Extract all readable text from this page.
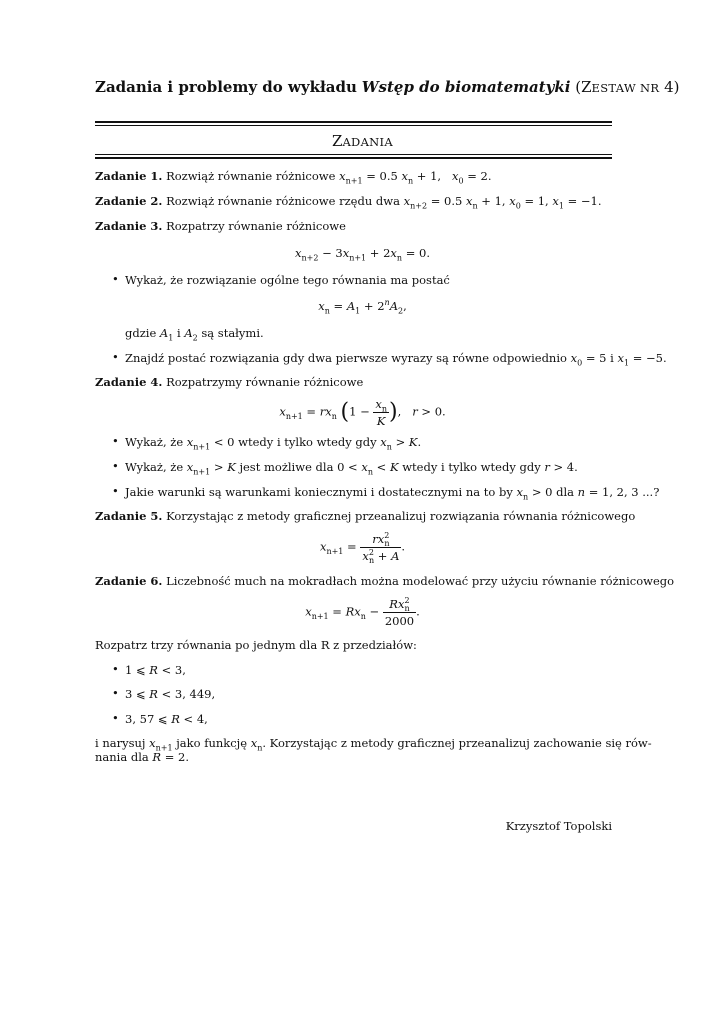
Zadania i problemy do wykładu Wstęp do biomatematyki (ZESTAW NR 4)
ZADANIA
Zadanie 1. Rozwiąż równanie różnicowe $x_{n+1} = 0.5$ $x_n + 1$,   $x_0 = 2$.
Zadanie 2. Rozwiąż równanie różnicowe rzędu dwa $x_{n+2} = 0.5$ $x_n + 1$, $x_0 = 1$, $x_1 = -1$.
Zadanie 3. Rozpatrzy równanie różnicowe
$x_{n+2} - 3x_{n+1} + 2x_n = 0$.
• Wykaż, że rozwiązanie ogólne tego równania ma postać
$x_n = A_1 + 2^nA_2$,
gdzie $A_1$ i $A_2$ są stałymi.
• Znajdź postać rozwiązania gdy dwa pierwsze wyrazy są równe odpowiednio $x_0 = 5$ i $x_1 = -5$.
Zadanie 4. Rozpatrzymy równanie różnicowe
$x_{n+1} = rx_n$ ($1 - \frac{x_n}{K}$ ),   r > 0.
• Wykaż, że $x_{n+1} < 0$ wtedy i tylko wtedy gdy $x_n > K$.
• Wykaż, że $x_{n+1} > K$ jest możliwe dla $0 < x_n < K$ wtedy i tylko wtedy gdy r > 4.
• Jakie warunki są warunkami koniecznymi i dostatecznymi na to by $x_n > 0$ dla n = 1, 2, 3 ...?
Zadanie 5. Korzystając z metody graficznej przeanalizuj rozwiązania równania różnicowego
$x_{n+1} = \frac{rx^2_n}{x^2_n + A}$ .
Zadanie 6. Liczebność much na mokradłach można modelować przy użyciu równanie różnicowego
$x_{n+1} = Rx_n - \frac{Rx^2_n}{2000}$ .
Rozpatrz trzy równania po jednym dla R z przedziałów:
• 1 ⩽ R < 3,
• 3 ⩽ R < 3, 449,
• 3, 57 ⩽ R < 4,
i narysuj $x_{n+1}$ jako funkcję $x_n$. Korzystając z metody graficznej przeanalizuj zachowanie się rów-
nania dla R = 2.
Krzysztof Topolski
